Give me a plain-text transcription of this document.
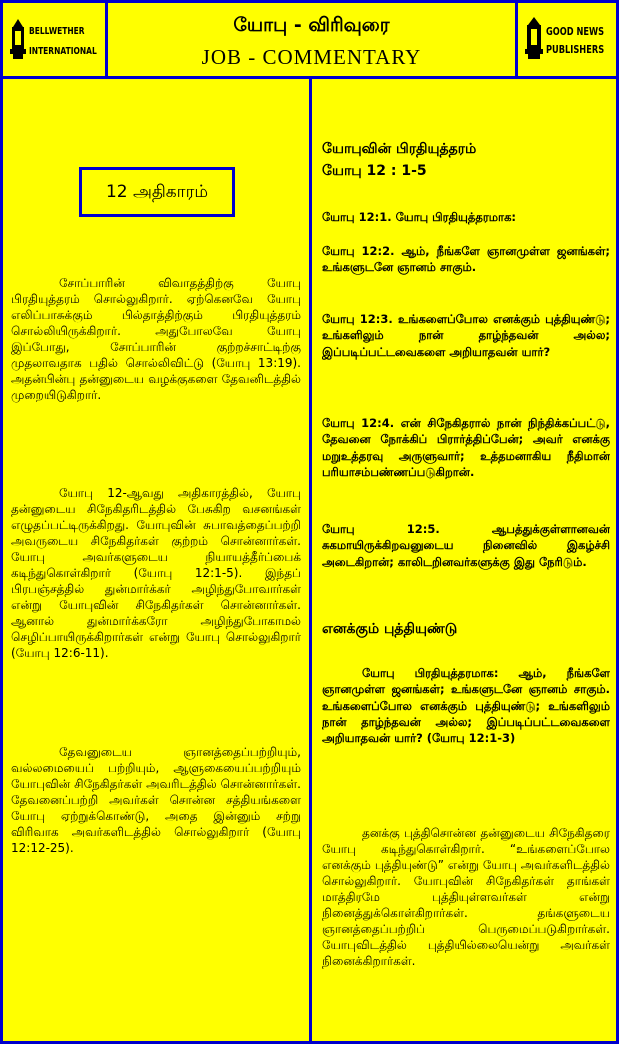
BELLWETHER
INTERNATIONAL
யோபு - விரிவுரை
JOB - COMMENTARY
GOOD NEWS
PUBLISHERS
12 அதிகாரம்

சோப்பாரின் விவாதத்திற்கு யோபு பிரதியுத்தரம் சொல்லுகிறார். ஏற்கெனவே யோபு எலிப்பாசுக்கும் பில்தாத்திற்கும் பிரதியுத்தரம் சொல்லியிருக்கிறார். அதுபோலவே யோபு இப்போது, சோப்பாரின் குற்றச்சாட்டிற்கு முதலாவதாக பதில் சொல்லிவிட்டு (யோபு 13:19). அதன்பின்பு தன்னுடைய வழக்குகளை தேவனிடத்தில் முறையிடுகிறார்.

யோபு 12-ஆவது அதிகாரத்தில், யோபு தன்னுடைய சிநேகிதரிடத்தில் பேசுகிற வசனங்கள் எழுதப்பட்டிருக்கிறது. யோபுவின் சுபாவத்தைப்பற்றி அவருடைய சிநேகிதர்கள் குற்றம் சொன்னார்கள். யோபு அவர்களுடைய நியாயத்தீர்ப்பைக் கடிந்துகொள்கிறார் (யோபு 12:1-5). இந்தப் பிரபஞ்சத்தில் துன்மார்க்கர் அழிந்துபோவார்கள் என்று யோபுவின் சிநேகிதர்கள் சொன்னார்கள். ஆனால் துன்மார்க்கரோ அழிந்துபோகாமல் செழிப்பாயிருக்கிறார்கள் என்று யோபு சொல்லுகிறார் (யோபு 12:6-11).

தேவனுடைய ஞானத்தைப்பற்றியும், வல்லமையைப் பற்றியும், ஆளுகையைப்பற்றியும் யோபுவின் சிநேகிதர்கள் அவரிடத்தில் சொன்னார்கள். தேவனைப்பற்றி அவர்கள் சொன்ன சத்தியங்களை யோபு ஏற்றுக்கொண்டு, அதை இன்னும் சற்று விரிவாக அவர்களிடத்தில் சொல்லுகிறார் (யோபு 12:12-25).

யோபுவின் பிரதியுத்தரம்

யோபு 12 : 1-5

யோபு 12:1. யோபு பிரதியுத்தரமாக:

யோபு 12:2. ஆம், நீங்களே ஞானமுள்ள ஜனங்கள்; உங்களுடனே ஞானம் சாகும்.

யோபு 12:3. உங்களைப்போல எனக்கும் புத்தியுண்டு; உங்களிலும் நான் தாழ்ந்தவன் அல்ல; இப்படிப்பட்டவைகளை அறியாதவன் யார்?

யோபு 12:4. என் சிநேகிதரால் நான் நிந்திக்கப்பட்டு, தேவனை நோக்கிப் பிரார்த்திப்பேன்; அவர் எனக்கு மறுஉத்தரவு அருளுவார்; உத்தமனாகிய நீதிமான் பரியாசம்பண்ணப்படுகிறான்.

யோபு 12:5. ஆபத்துக்குள்ளானவன் சுகமாயிருக்கிறவனுடைய நினைவில் இகழ்ச்சி அடைகிறான்; காலிடறினவர்களுக்கு இது நேரிடும்.

எனக்கும் புத்தியுண்டு

யோபு பிரதியுத்தரமாக: ஆம், நீங்களே ஞானமுள்ள ஜனங்கள்; உங்களுடனே ஞானம் சாகும். உங்களைப்போல எனக்கும் புத்தியுண்டு; உங்களிலும் நான் தாழ்ந்தவன் அல்ல; இப்படிப்பட்டவைகளை அறியாதவன் யார்? (யோபு 12:1-3)

தனக்கு புத்திசொன்ன தன்னுடைய சிநேகிதரை யோபு கடிந்துகொள்கிறார். “உங்களைப்போல எனக்கும் புத்தியுண்டு” என்று யோபு அவர்களிடத்தில் சொல்லுகிறார். யோபுவின் சிநேகிதர்கள் தாங்கள் மாத்திரமே புத்தியுள்ளவர்கள் என்று நினைத்துக்கொள்கிறார்கள். தங்களுடைய ஞானத்தைப்பற்றிப் பெருமைப்படுகிறார்கள். யோபுவிடத்தில் புத்தியில்லையென்று அவர்கள் நினைக்கிறார்கள்.
